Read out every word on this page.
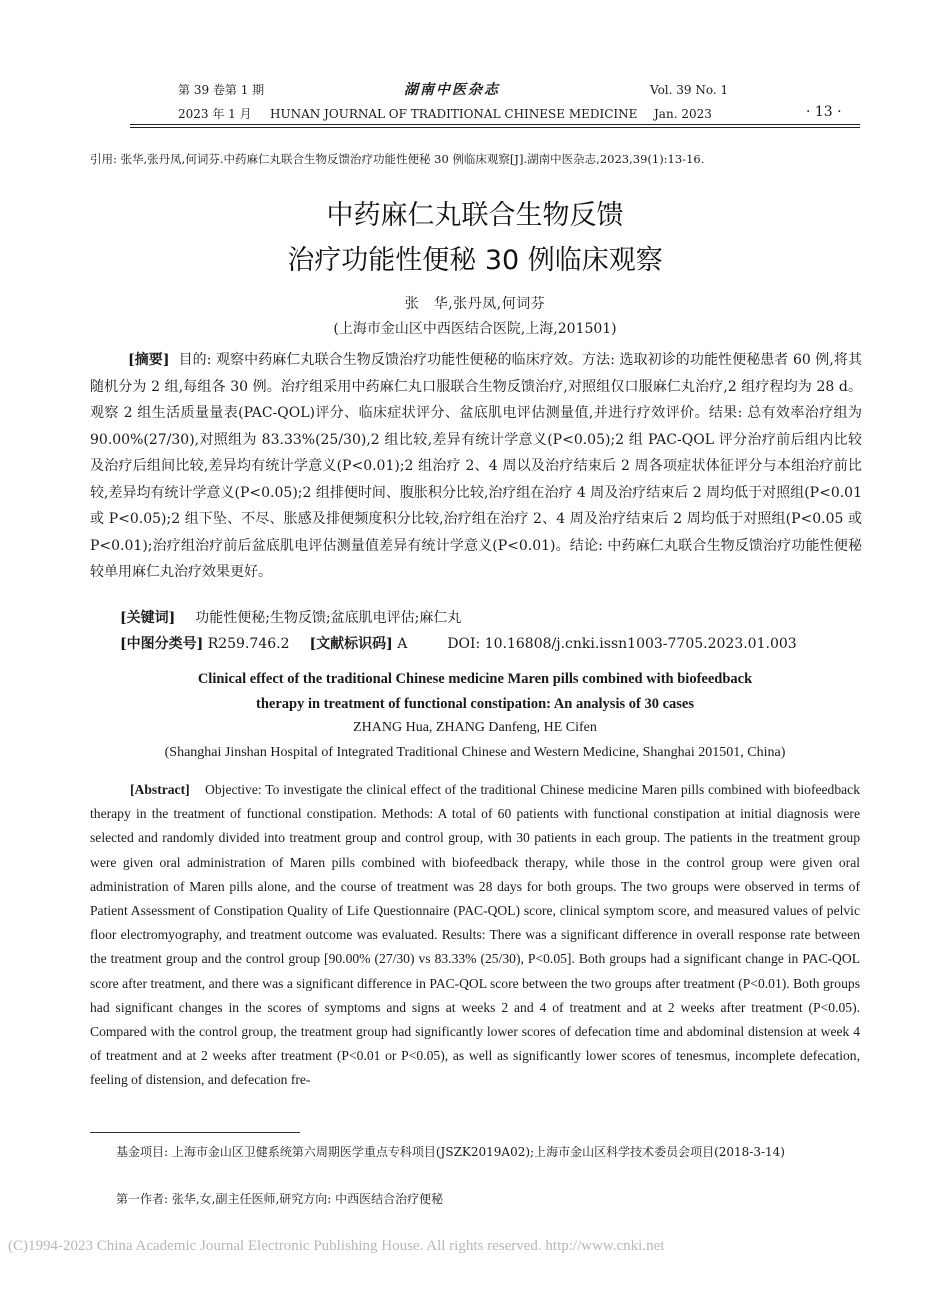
第 39 卷第 1 期	湖南中医杂志	Vol. 39 No. 1
2023 年 1 月 HUNAN JOURNAL OF TRADITIONAL CHINESE MEDICINE Jan. 2023	· 13 ·
引用: 张华,张丹凤,何词芬.中药麻仁丸联合生物反馈治疗功能性便秘 30 例临床观察[J].湖南中医杂志,2023,39(1):13-16.
中药麻仁丸联合生物反馈
治疗功能性便秘 30 例临床观察
张　华,张丹凤,何词芬
(上海市金山区中西医结合医院,上海,201501)

[摘要] 目的: 观察中药麻仁丸联合生物反馈治疗功能性便秘的临床疗效。方法: 选取初诊的功能性便秘患者 60 例,将其随机分为 2 组,每组各 30 例。治疗组采用中药麻仁丸口服联合生物反馈治疗,对照组仅口服麻仁丸治疗,2 组疗程均为 28 d。观察 2 组生活质量量表(PAC-QOL)评分、临床症状评分、盆底肌电评估测量值,并进行疗效评价。结果: 总有效率治疗组为 90.00%(27/30),对照组为 83.33%(25/30),2 组比较,差异有统计学意义(P<0.05);2 组 PAC-QOL 评分治疗前后组内比较及治疗后组间比较,差异均有统计学意义(P<0.01);2 组治疗 2、4 周以及治疗结束后 2 周各项症状体征评分与本组治疗前比较,差异均有统计学意义(P<0.05);2 组排便时间、腹胀积分比较,治疗组在治疗 4 周及治疗结束后 2 周均低于对照组(P<0.01或 P<0.05);2 组下坠、不尽、胀感及排便频度积分比较,治疗组在治疗 2、4 周及治疗结束后 2 周均低于对照组(P<0.05 或 P<0.01);治疗组治疗前后盆底肌电评估测量值差异有统计学意义(P<0.01)。结论: 中药麻仁丸联合生物反馈治疗功能性便秘较单用麻仁丸治疗效果更好。

[关键词] 功能性便秘;生物反馈;盆底肌电评估;麻仁丸
[中图分类号] R259.746.2 [文献标识码] A	DOI: 10.16808/j.cnki.issn1003-7705.2023.01.003
Clinical effect of the traditional Chinese medicine Maren pills combined with biofeedback
therapy in treatment of functional constipation: An analysis of 30 cases
ZHANG Hua, ZHANG Danfeng, HE Cifen
(Shanghai Jinshan Hospital of Integrated Traditional Chinese and Western Medicine, Shanghai 201501, China)

[Abstract] Objective: To investigate the clinical effect of the traditional Chinese medicine Maren pills combined with biofeedback therapy in the treatment of functional constipation. Methods: A total of 60 patients with functional constipation at initial diagnosis were selected and randomly divided into treatment group and control group, with 30 patients in each group. The patients in the treatment group were given oral administration of Maren pills combined with biofeedback therapy, while those in the control group were given oral administration of Maren pills alone, and the course of treatment was 28 days for both groups. The two groups were observed in terms of Patient Assessment of Constipation Quality of Life Questionnaire (PAC-QOL) score, clinical symptom score, and measured values of pelvic floor electromyography, and treatment outcome was evaluated. Results: There was a significant difference in overall response rate between the treatment group and the control group [90.00% (27/30) vs 83.33% (25/30), P<0.05]. Both groups had a significant change in PAC-QOL score after treatment, and there was a significant difference in PAC-QOL score between the two groups after treatment (P<0.01). Both groups had significant changes in the scores of symptoms and signs at weeks 2 and 4 of treatment and at 2 weeks after treatment (P<0.05). Compared with the control group, the treatment group had significantly lower scores of defecation time and abdominal distension at week 4 of treatment and at 2 weeks after treatment (P<0.01 or P<0.05), as well as significantly lower scores of tenesmus, incomplete defecation, feeling of distension, and defecation fre-

基金项目: 上海市金山区卫健系统第六周期医学重点专科项目(JSZK2019A02);上海市金山区科学技术委员会项目(2018-3-14)

第一作者: 张华,女,副主任医师,研究方向: 中西医结合治疗便秘

(C)1994-2023 China Academic Journal Electronic Publishing House. All rights reserved. http://www.cnki.net
